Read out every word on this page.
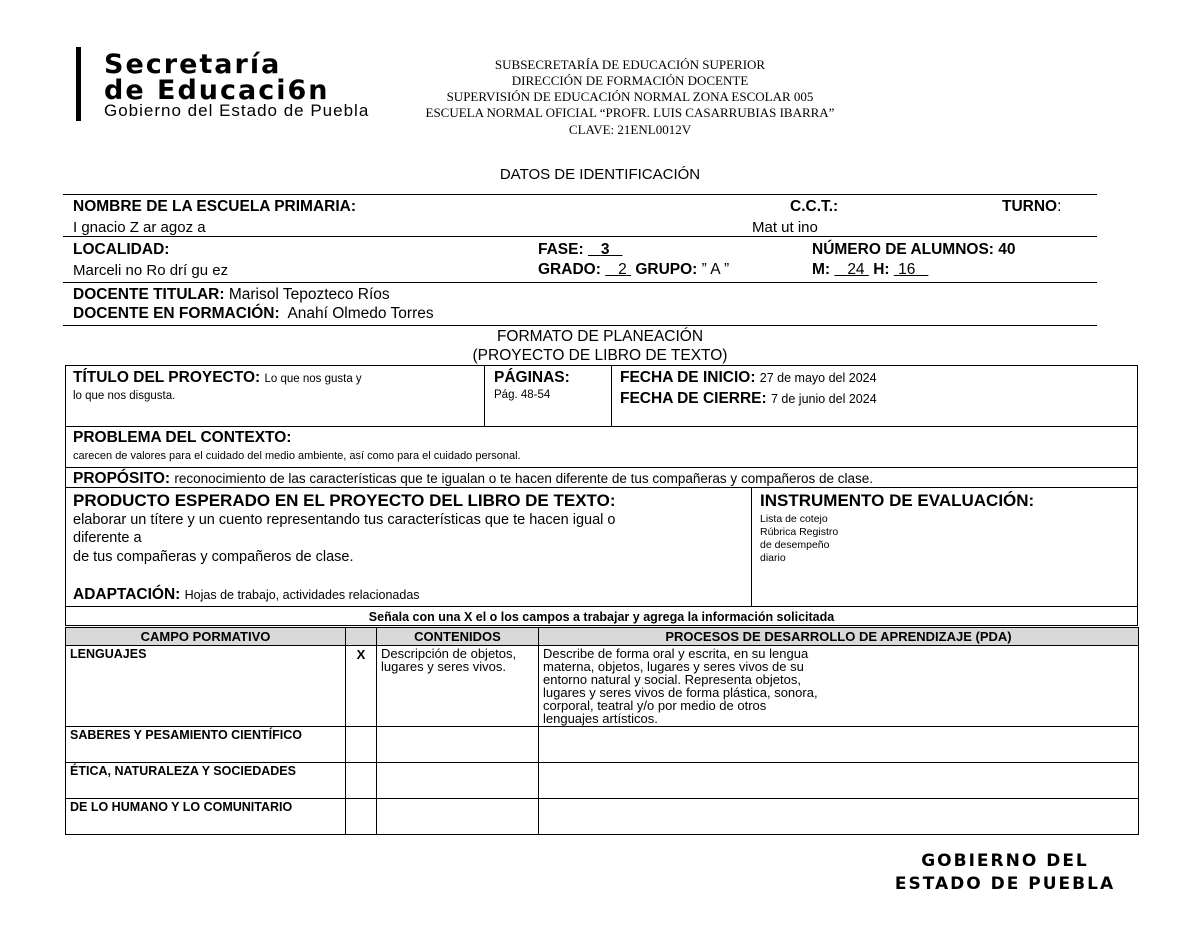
Secretaría
de Educaci6n
Gobierno del Estado de Puebla
SUBSECRETARÍA DE EDUCACIÓN SUPERIOR
DIRECCIÓN DE FORMACIÓN DOCENTE
SUPERVISIÓN DE EDUCACIÓN NORMAL ZONA ESCOLAR 005
ESCUELA NORMAL OFICIAL “PROFR. LUIS CASARRUBIAS IBARRA”
CLAVE: 21ENL0012V
DATOS DE IDENTIFICACIÓN
NOMBRE DE LA ESCUELA PRIMARIA:	C.C.T.:	TURNO:
I gnacio Z ar agoz a	Mat ut ino
LOCALIDAD:	FASE:    3	NÚMERO DE ALUMNOS: 40
Marceli no Ro drí gu ez	GRADO:    2 GRUPO: ” A ”	M:    24 H:  16
DOCENTE TITULAR: Marisol Tepozteco Ríos
DOCENTE EN FORMACIÓN: Anahí Olmedo Torres
FORMATO DE PLANEACIÓN
(PROYECTO DE LIBRO DE TEXTO)
TÍTULO DEL PROYECTO: Lo que nos gusta y
lo que nos disgusta.
PÁGINAS:
Pág. 48-54
FECHA DE INICIO: 27 de mayo del 2024
FECHA DE CIERRE: 7 de junio del 2024
PROBLEMA DEL CONTEXTO:
carecen de valores para el cuidado del medio ambiente, así como para el cuidado personal.
PROPÓSITO: reconocimiento de las características que te igualan o te hacen diferente de tus compañeras y compañeros de clase.
PRODUCTO ESPERADO EN EL PROYECTO DEL LIBRO DE TEXTO:
elaborar un títere y un cuento representando tus características que te hacen igual o
diferente a
de tus compañeras y compañeros de clase.
INSTRUMENTO DE EVALUACIÓN:
Lista de cotejo
Rúbrica Registro
de desempeño
diario
ADAPTACIÓN: Hojas de trabajo, actividades relacionadas
Señala con una X el o los campos a trabajar y agrega la información solicitada
CAMPO PORMATIVO		CONTENIDOS	PROCESOS DE DESARROLLO DE APRENDIZAJE (PDA)
LENGUAJES	X	Descripción de objetos, lugares y seres vivos.	Describe de forma oral y escrita, en su lengua materna, objetos, lugares y seres vivos de su entorno natural y social. Representa objetos, lugares y seres vivos de forma plástica, sonora, corporal, teatral y/o por medio de otros lenguajes artísticos.
SABERES Y PESAMIENTO CIENTÍFICO			
ÉTICA, NATURALEZA Y SOCIEDADES			
DE LO HUMANO Y LO COMUNITARIO			
GOBIERNO DEL
ESTADO DE PUEBLA
